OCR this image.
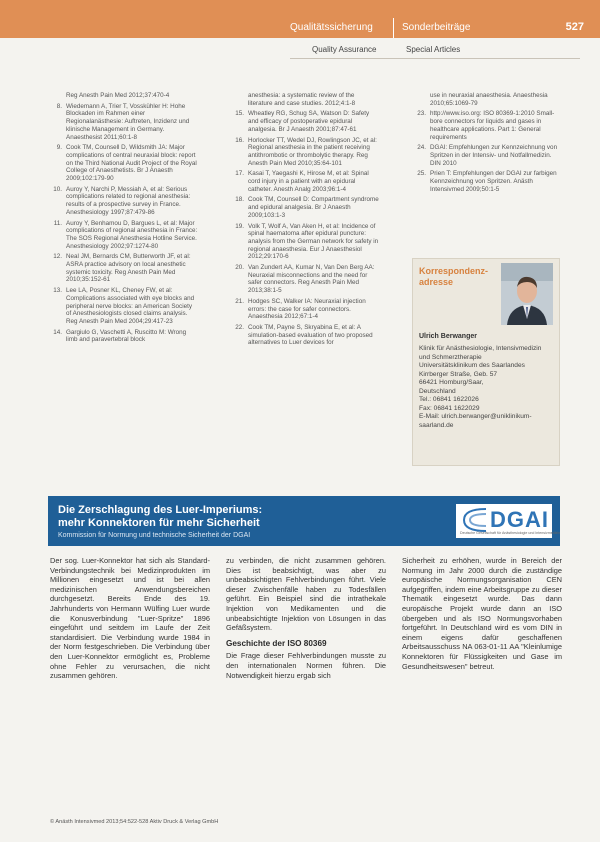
Qualitätssicherung	Sonderbeiträge	527
Quality Assurance	Special Articles
Reg Anesth Pain Med 2012;37:470-4
8. Wiedemann A, Trier T, Vosskühler H: Hohe Blockaden im Rahmen einer Regionalanästhesie: Auftreten, Inzidenz und klinische Management in Germany. Anaesthesist 2011;60:1-8
9. Cook TM, Counsell D, Wildsmith JA: Major complications of central neuraxial block: report on the Third National Audit Project of the Royal College of Anaesthetists. Br J Anaesth 2009;102:179-90
10. Auroy Y, Narchi P, Messiah A, et al: Serious complications related to regional anesthesia: results of a prospective survey in France. Anesthesiology 1997;87:479-86
11. Auroy Y, Benhamou D, Bargues L, et al: Major complications of regional anesthesia in France: The SOS Regional Anesthesia Hotline Service. Anesthesiology 2002;97:1274-80
12. Neal JM, Bernards CM, Butterworth JF, et al: ASRA practice advisory on local anesthetic systemic toxicity. Reg Anesth Pain Med 2010;35:152-61
13. Lee LA, Posner KL, Cheney FW, et al: Complications associated with eye blocks and peripheral nerve blocks: an American Society of Anesthesiologists closed claims analysis. Reg Anesth Pain Med 2004;29:417-23
14. Gargiulo G, Vaschetti A, Ruscitto M: Wrong limb and paravertebral block
anesthesia: a systematic review of the literature and case studies. 2012;4:1-8
15. Wheatley RG, Schug SA, Watson D: Safety and efficacy of postoperative epidural analgesia. Br J Anaesth 2001;87:47-61
16. Horlocker TT, Wedel DJ, Rowlingson JC, et al: Regional anesthesia in the patient receiving antithrombotic or thrombolytic therapy. Reg Anesth Pain Med 2010;35:64-101
17. Kasai T, Yaegashi K, Hirose M, et al: Spinal cord injury in a patient with an epidural catheter. Anesth Analg 2003;96:1-4
18. Cook TM, Counsell D: Compartment syndrome and epidural analgesia. Br J Anaesth 2009;103:1-3
19. Volk T, Wolf A, Van Aken H, et al: Incidence of spinal haematoma after epidural puncture: analysis from the German network for safety in regional anaesthesia. Eur J Anaesthesiol 2012;29:170-6
20. Van Zundert AA, Kumar N, Van Den Berg AA: Neuraxial misconnections and the need for safer connectors. Reg Anesth Pain Med 2013;38:1-5
21. Hodges SC, Walker IA: Neuraxial injection errors: the case for safer connectors. Anaesthesia 2012;67:1-4
22. Cook TM, Payne S, Skryabina E, et al: A simulation-based evaluation of two proposed alternatives to Luer devices for
use in neuraxial anaesthesia. Anaesthesia 2010;65:1069-79
23. http://www.iso.org: ISO 80369-1:2010 Small-bore connectors for liquids and gases in healthcare applications. Part 1: General requirements
24. DGAI: Empfehlungen zur Kennzeichnung von Spritzen in der Intensiv- und Notfallmedizin. DIN 2010
25. Prien T: Empfehlungen der DGAI zur farbigen Kennzeichnung von Spritzen. Anästh Intensivmed 2009;50:1-5
Korrespondenz-adresse
Ulrich Berwanger
Klinik für Anästhesiologie, Intensivmedizin und Schmerztherapie
Universitätsklinikum des Saarlandes
Kirrberger Straße, Geb. 57
66421 Homburg/Saar,
Deutschland
Tel.: 06841 1622026
Fax: 06841 1622029
E-Mail: ulrich.berwanger@uniklinikum-saarland.de
Die Zerschlagung des Luer-Imperiums:
mehr Konnektoren für mehr Sicherheit
Kommission für Normung und technische Sicherheit der DGAI
DGAI
Deutsche Gesellschaft für Anästhesiologie und Intensivmedizin

Der sog. Luer-Konnektor hat sich als Standard-Verbindungstechnik bei Medizinprodukten im Millionen eingesetzt und ist bei allen medizinischen Anwendungsbereichen durchgesetzt. Bereits Ende des 19. Jahrhunderts von Hermann Wülfing Luer wurde die Konusverbindung "Luer-Spritze" 1896 eingeführt und seitdem im Laufe der Zeit standardisiert. Die Verbindung wurde 1984 in der Norm festgeschrieben. Die Verbindung über den Luer-Konnektor ermöglicht es, Probleme ohne Fehler zu verursachen, die nicht zusammen gehören.

zu verbinden, die nicht zusammen gehören. Dies ist beabsichtigt, was aber zu unbeabsichtigten Fehlverbindungen führt. Viele dieser Zwischenfälle haben zu Todesfällen geführt. Ein Beispiel sind die intrathekale Injektion von Medikamenten und die unbeabsichtigte Injektion von Lösungen in das Gefäßsystem.

Geschichte der ISO 80369

Die Frage dieser Fehlverbindungen musste zu den internationalen Normen führen. Die Notwendigkeit hierzu ergab sich

Sicherheit zu erhöhen, wurde in Bereich der Normung im Jahr 2000 durch die zuständige europäische Normungsorganisation CEN aufgegriffen, indem eine Arbeitsgruppe zu dieser Thematik eingesetzt wurde. Das dann europäische Projekt wurde dann an ISO übergeben und als ISO Normungsvorhaben fortgeführt. In Deutschland wird es vom DIN in einem eigens dafür geschaffenen Arbeitsausschuss NA 063-01-11 AA "Kleinlumige Konnektoren für Flüssigkeiten und Gase im Gesundheitswesen" betreut.

© Anästh Intensivmed 2013;54:522-528 Aktiv Druck & Verlag GmbH
